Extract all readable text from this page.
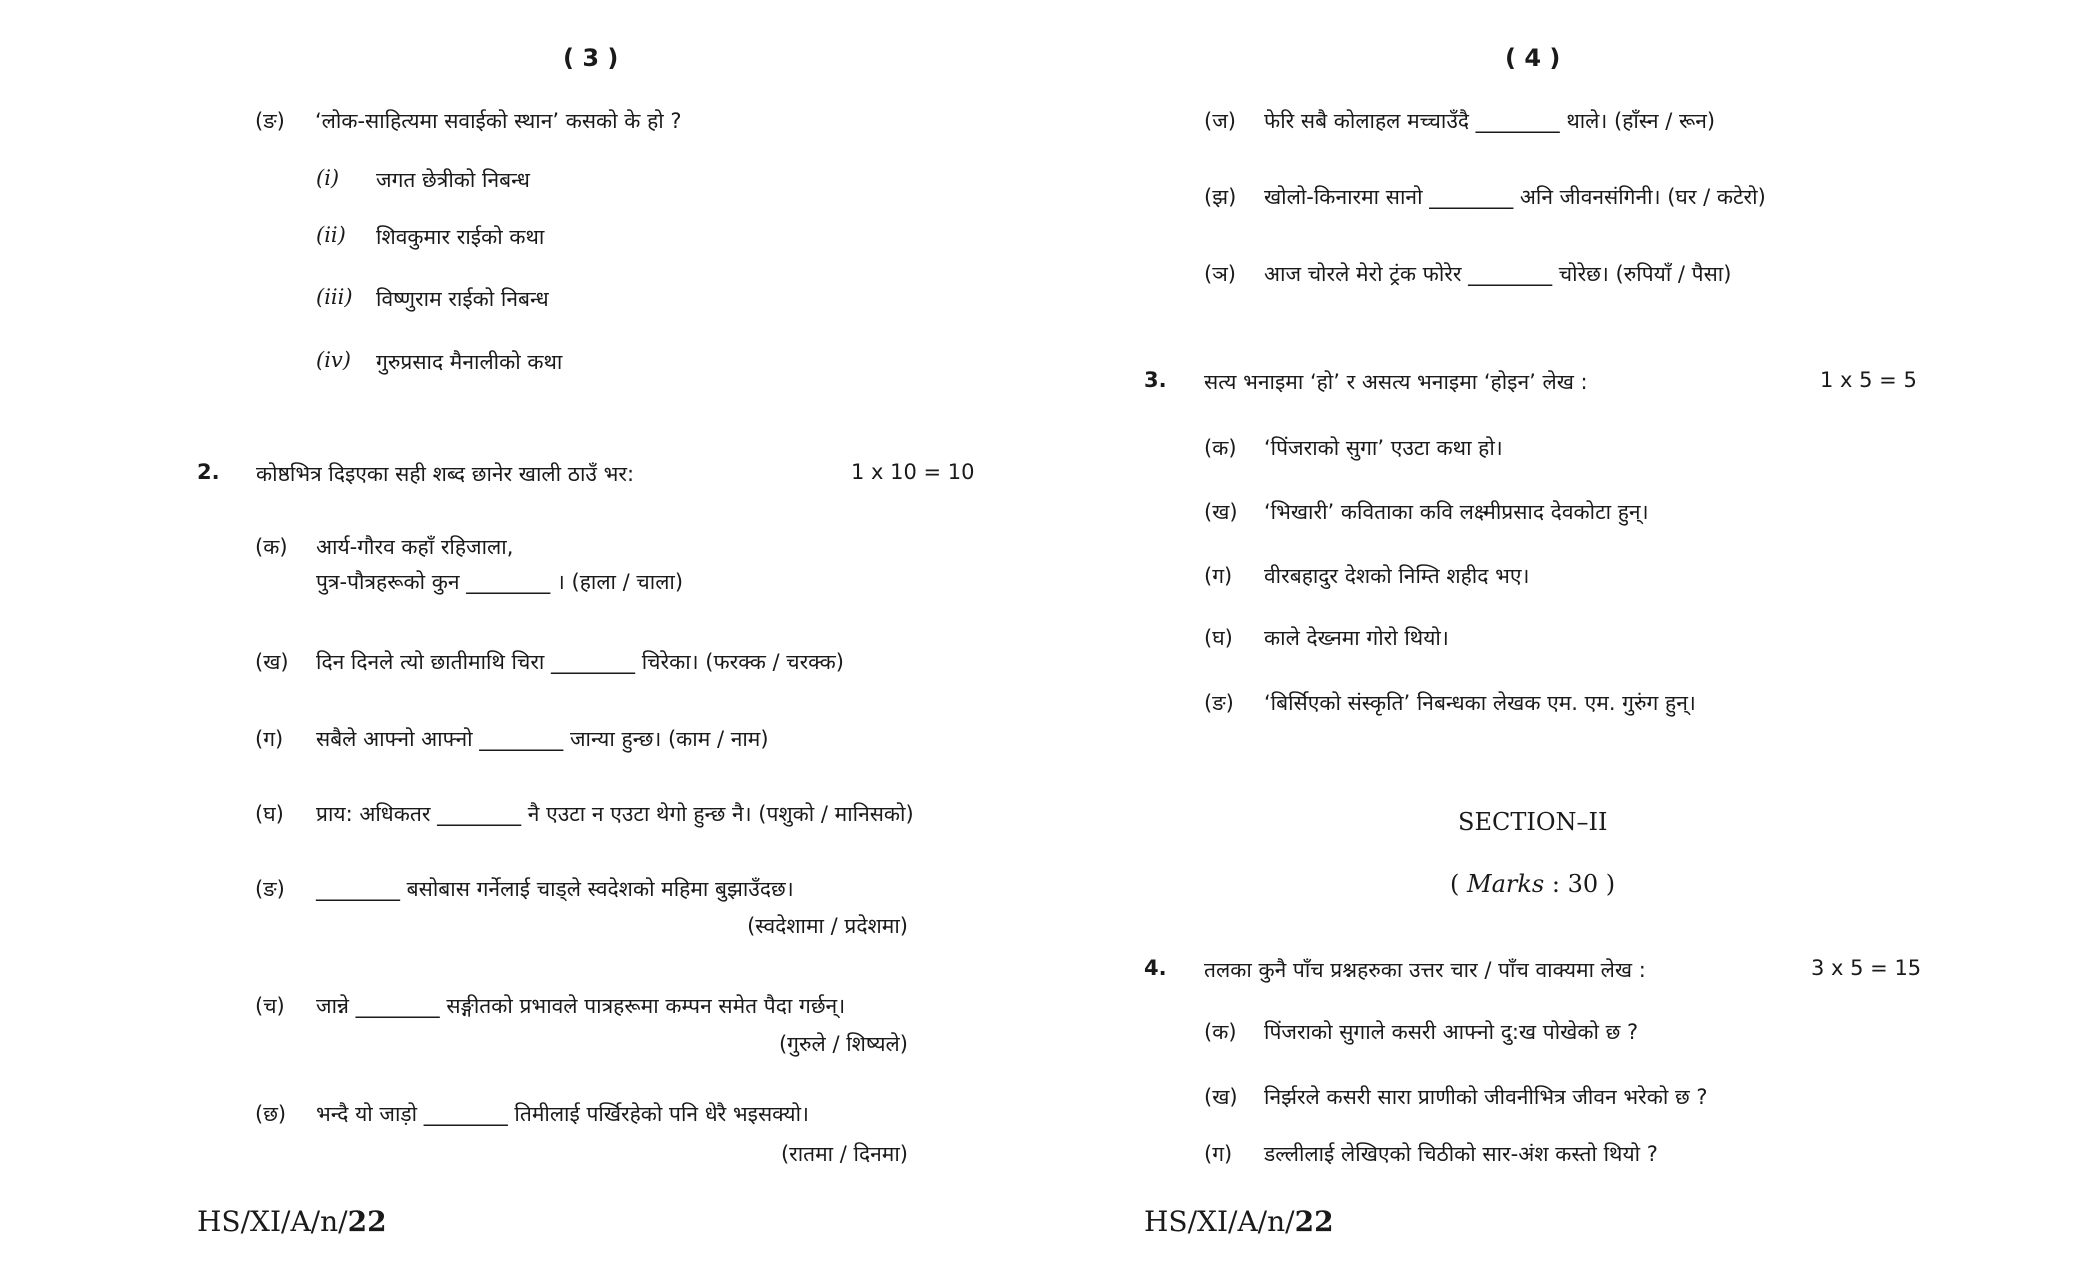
( 3 )
(ङ) ‘लोक-साहित्यमा सवाईको स्थान’ कसको के हो ?
(i) जगत छेत्रीको निबन्ध
(ii) शिवकुमार राईको कथा
(iii) विष्णुराम राईको निबन्ध
(iv) गुरुप्रसाद मैनालीको कथा
2. कोष्ठभित्र दिइएका सही शब्द छानेर खाली ठाउँ भर:	1 x 10 = 10
(क) आर्य-गौरव कहाँ रहिजाला,
पुत्र-पौत्रहरूको कुन ________ । (हाला / चाला)
(ख) दिन दिनले त्यो छातीमाथि चिरा ________ चिरेका। (फरक्क / चरक्क)
(ग) सबैले आफ्नो आफ्नो ________ जान्या हुन्छ। (काम / नाम)
(घ) प्राय: अधिकतर ________ नै एउटा न एउटा थेगो हुन्छ नै। (पशुको / मानिसको)
(ङ) ________ बसोबास गर्नेलाई चाड्ले स्वदेशको महिमा बुझाउँदछ।
(स्वदेशामा / प्रदेशमा)
(च) जान्ने ________ सङ्गीतको प्रभावले पात्रहरूमा कम्पन समेत पैदा गर्छन्।
(गुरुले / शिष्यले)
(छ) भन्दै यो जाड़ो ________ तिमीलाई पर्खिरहेको पनि धेरै भइसक्यो।
(रातमा / दिनमा)
HS/XI/A/n/22
( 4 )
(ज) फेरि सबै कोलाहल मच्चाउँदै ________ थाले। (हाँस्न / रून)
(झ) खोलो-किनारमा सानो ________ अनि जीवनसंगिनी। (घर / कटेरो)
(ञ) आज चोरले मेरो ट्रंक फोरेर ________ चोरेछ। (रुपियाँ / पैसा)
3. सत्य भनाइमा ‘हो’ र असत्य भनाइमा ‘होइन’ लेख :	1 x 5 = 5
(क) ‘पिंजराको सुगा’ एउटा कथा हो।
(ख) ‘भिखारी’ कविताका कवि लक्ष्मीप्रसाद देवकोटा हुन्।
(ग) वीरबहादुर देशको निम्ति शहीद भए।
(घ) काले देख्नमा गोरो थियो।
(ङ) ‘बिर्सिएको संस्कृति’ निबन्धका लेखक एम. एम. गुरुंग हुन्।
SECTION–II
( Marks : 30 )
4. तलका कुनै पाँच प्रश्नहरुका उत्तर चार / पाँच वाक्यमा लेख :	3 x 5 = 15
(क) पिंजराको सुगाले कसरी आफ्नो दु:ख पोखेको छ ?
(ख) निर्झरले कसरी सारा प्राणीको जीवनीभित्र जीवन भरेको छ ?
(ग) डल्लीलाई लेखिएको चिठीको सार-अंश कस्तो थियो ?
HS/XI/A/n/22
